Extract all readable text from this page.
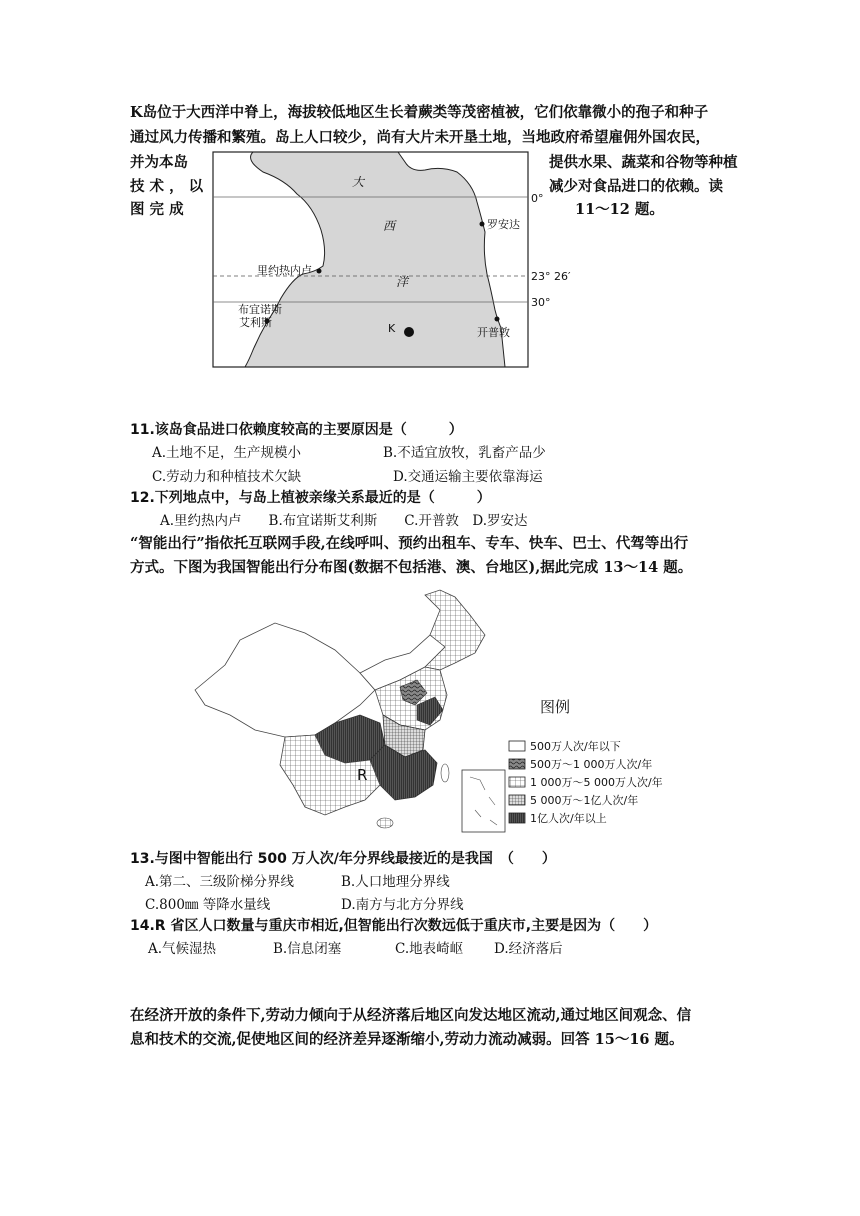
K岛位于大西洋中脊上，海拔较低地区生长着蕨类等茂密植被，它们依靠微小的孢子和种子
通过风力传播和繁殖。岛上人口较少，尚有大片未开垦土地，当地政府希望雇佣外国农民，
并为本岛	提供水果、蔬菜和谷物等种植
技 术 ， 以	减少对食品进口的依赖。读
图 完 成	11～12 题。
0°
23° 26′
30°
大
西
洋
罗安达
里约热内卢
布宜诺斯
艾利斯
开普敦
K
11.该岛食品进口依赖度较高的主要原因是（　　　）
A.土地不足，生产规模小	B.不适宜放牧，乳畜产品少
C.劳动力和种植技术欠缺	D.交通运输主要依靠海运
12.下列地点中，与岛上植被亲缘关系最近的是（　　　）
A.里约热内卢　　B.布宜诺斯艾利斯　　C.开普敦　D.罗安达
“智能出行”指依托互联网手段,在线呼叫、预约出租车、专车、快车、巴士、代驾等出行
方式。下图为我国智能出行分布图(数据不包括港、澳、台地区),据此完成 13～14 题。
R
图例
500万人次/年以下
500万～1 000万人次/年
1 000万～5 000万人次/年
5 000万～1亿人次/年
1亿人次/年以上
13.与图中智能出行 500 万人次/年分界线最接近的是我国　（　　）
A.第二、三级阶梯分界线	B.人口地理分界线
C.800㎜ 等降水量线	D.南方与北方分界线
14.R 省区人口数量与重庆市相近,但智能出行次数远低于重庆市,主要是因为（　　）
A.气候湿热	B.信息闭塞	C.地表崎岖 D.经济落后
在经济开放的条件下,劳动力倾向于从经济落后地区向发达地区流动,通过地区间观念、信
息和技术的交流,促使地区间的经济差异逐渐缩小,劳动力流动减弱。回答 15～16 题。
